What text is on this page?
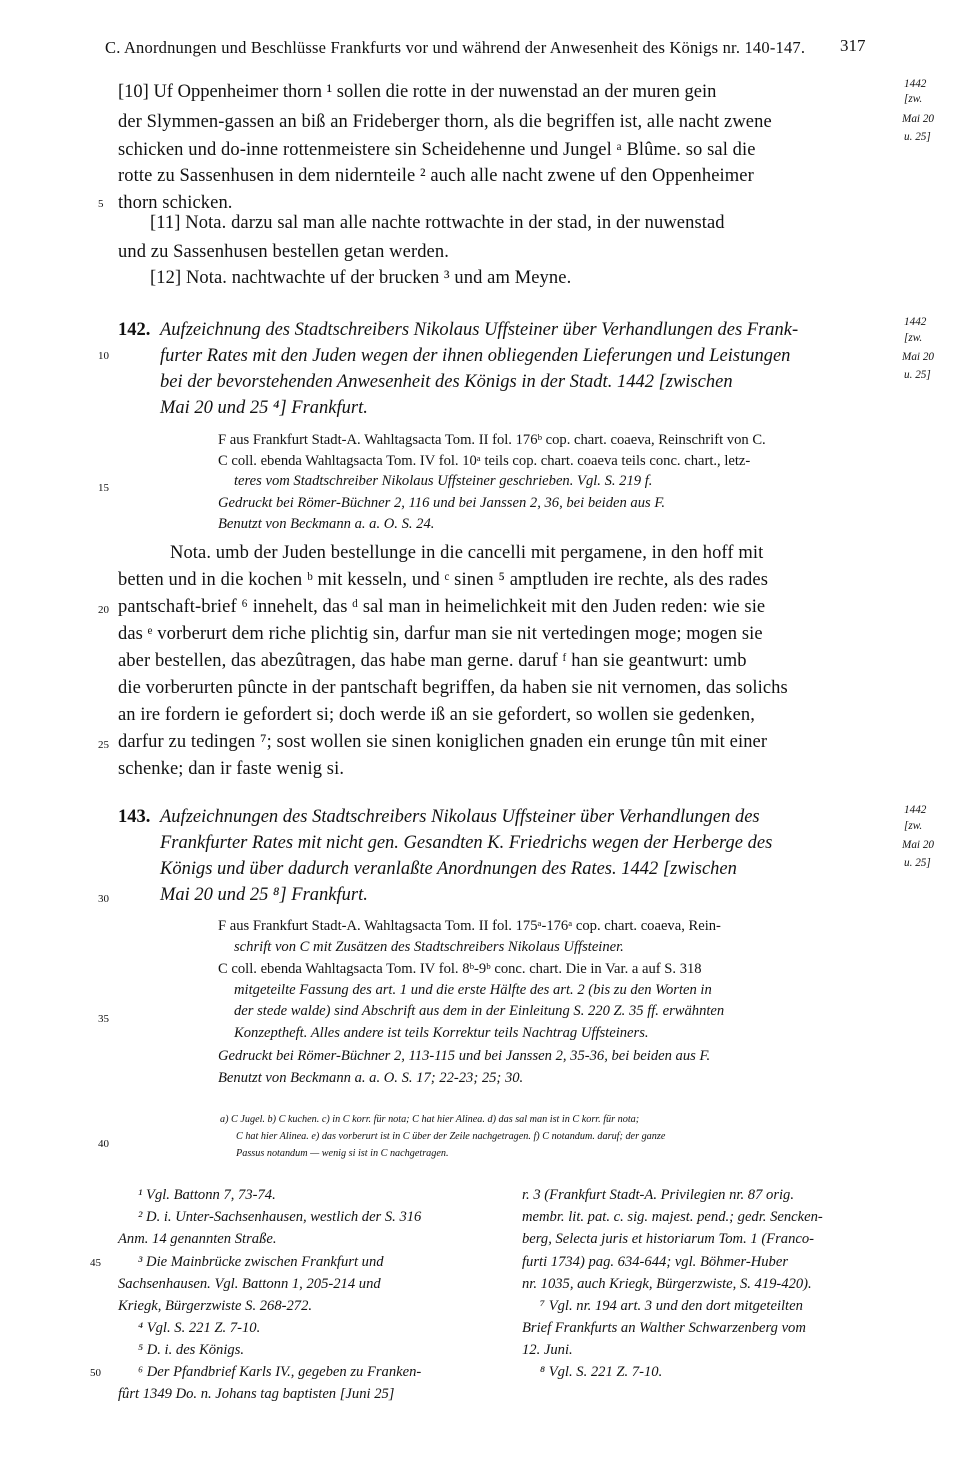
C. Anordnungen und Beschlüsse Frankfurts vor und während der Anwesenheit des Königs nr. 140-147. 317
[10] Uf Oppenheimer thorn ¹ sollen die rotte in der nuwenstad an der muren gein
der Slymmen-gassen an biß an Frideberger thorn, als die begriffen ist, alle nacht zwene
schicken und do-inne rottenmeistere sin Scheidehenne und Jungel ᵃ Blûme. so sal die
rotte zu Sassenhusen in dem niderntеile ² auch alle nacht zwene uf den Oppenheimer
thorn schicken.
[11] Nota. darzu sal man alle nachte rottwachte in der stad, in der nuwenstad
und zu Sassenhusen bestellen getan werden.
[12] Nota. nachtwachte uf der brucken ³ und am Meyne.
1442
[zw.
Mai 20
u. 25]
142. Aufzeichnung des Stadtschreibers Nikolaus Uffsteiner über Verhandlungen des Frank-
furter Rates mit den Juden wegen der ihnen obliegenden Lieferungen und Leistungen
bei der bevorstehenden Anwesenheit des Königs in der Stadt. 1442 [zwischen
Mai 20 und 25 ⁴] Frankfurt.
1442
[zw.
Mai 20
u. 25]
F aus Frankfurt Stadt-A. Wahltagsacta Tom. II fol. 176ᵇ cop. chart. coaeva, Reinschrift von C.
C coll. ebenda Wahltagsacta Tom. IV fol. 10ᵃ teils cop. chart. coaeva teils conc. chart., letz-
teres vom Stadtschreiber Nikolaus Uffsteiner geschrieben. Vgl. S. 219 f.
Gedruckt bei Römer-Büchner 2, 116 und bei Janssen 2, 36, bei beiden aus F.
Benutzt von Beckmann a. a. O. S. 24.
Nota. umb der Juden bestellunge in die cancelli mit pergamene, in den hoff mit
betten und in die kochen ᵇ mit kesseln, und ᶜ sinen ⁵ amptluden ire rechte, als des rades
pantschaft-brief ⁶ innehelt, das ᵈ sal man in heimelichkeit mit den Juden reden: wie sie
das ᵉ vorberurt dem riche plichtig sin, darfur man sie nit vertedingen moge; mogen sie
aber bestellen, das abezûtragen, das habe man gerne. daruf ᶠ han sie geantwurt: umb
die vorberurten pûncte in der pantschaft begriffen, da haben sie nit vernomen, das solichs
an ire fordern ie gefordert si; doch werde iß an sie gefordert, so wollen sie gedenken,
darfur zu tedingen ⁷; sost wollen sie sinen koniglichen gnaden ein erunge tûn mit einer
schenke; dan ir faste wenig si.
143. Aufzeichnungen des Stadtschreibers Nikolaus Uffsteiner über Verhandlungen des
Frankfurter Rates mit nicht gen. Gesandten K. Friedrichs wegen der Herberge des
Königs und über dadurch veranlaßte Anordnungen des Rates. 1442 [zwischen
Mai 20 und 25 ⁸] Frankfurt.
1442
[zw.
Mai 20
u. 25]
F aus Frankfurt Stadt-A. Wahltagsacta Tom. II fol. 175ᵃ-176ᵃ cop. chart. coaeva, Rein-
schrift von C mit Zusätzen des Stadtschreibers Nikolaus Uffsteiner.
C coll. ebenda Wahltagsacta Tom. IV fol. 8ᵇ-9ᵇ conc. chart. Die in Var. a auf S. 318
mitgeteilte Fassung des art. 1 und die erste Hälfte des art. 2 (bis zu den Worten in
der stede walde) sind Abschrift aus dem in der Einleitung S. 220 Z. 35 ff. erwähnten
Konzeptheft. Alles andere ist teils Korrektur teils Nachtrag Uffsteiners.
Gedruckt bei Römer-Büchner 2, 113-115 und bei Janssen 2, 35-36, bei beiden aus F.
Benutzt von Beckmann a. a. O. S. 17; 22-23; 25; 30.
a) C Jugel. b) C kuchen. c) in C korr. für nota; C hat hier Alinea. d) das sal man ist in C korr. für nota;
C hat hier Alinea. e) das vorberurt ist in C über der Zeile nachgetragen. f) C notandum. daruf; der ganze
Passus notandum — wenig si ist in C nachgetragen.
¹ Vgl. Battonn 7, 73-74.
² D. i. Unter-Sachsenhausen, westlich der S. 316
Anm. 14 genannten Straße.
³ Die Mainbrücke zwischen Frankfurt und
Sachsenhausen. Vgl. Battonn 1, 205-214 und
Kriegk, Bürgerzwiste S. 268-272.
⁴ Vgl. S. 221 Z. 7-10.
⁵ D. i. des Königs.
⁶ Der Pfandbrief Karls IV., gegeben zu Franken-
fûrt 1349 Do. n. Johans tag baptisten [Juni 25]
r. 3 (Frankfurt Stadt-A. Privilegien nr. 87 orig.
membr. lit. pat. c. sig. majest. pend.; gedr. Sencken-
berg, Selecta juris et historiarum Tom. 1 (Franco-
furti 1734) pag. 634-644; vgl. Böhmer-Huber
nr. 1035, auch Kriegk, Bürgerzwiste, S. 419-420).
⁷ Vgl. nr. 194 art. 3 und den dort mitgeteilten
Brief Frankfurts an Walther Schwarzenberg vom
12. Juni.
⁸ Vgl. S. 221 Z. 7-10.
5
10
15
20
25
30
35
40
45
50
